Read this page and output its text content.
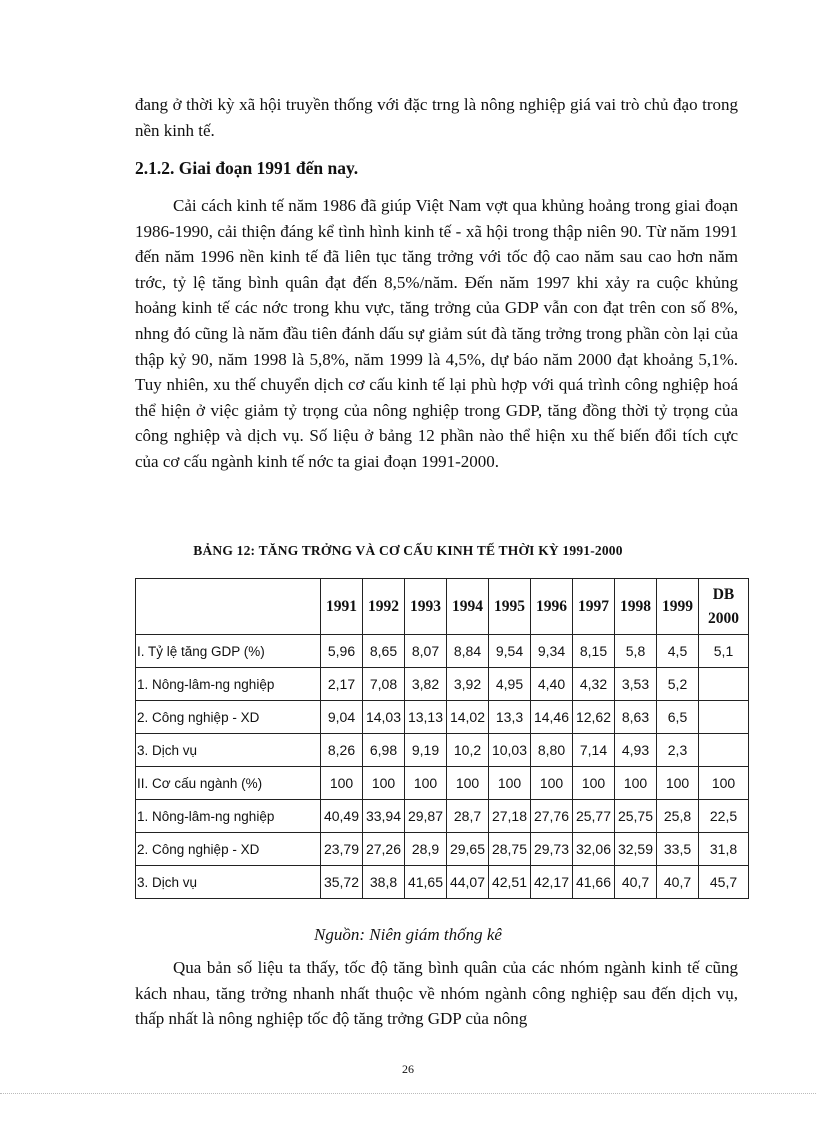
đang ở thời kỳ xã hội truyền thống với đặc trng là nông nghiệp giá vai trò chủ đạo trong nền kinh tế.

2.1.2. Giai đoạn 1991 đến nay.

Cải cách kinh tế năm 1986 đã giúp Việt Nam vợt qua khủng hoảng trong giai đoạn 1986-1990, cải thiện đáng kể tình hình kinh tế - xã hội trong thập niên 90. Từ năm 1991 đến năm 1996 nền kinh tế đã liên tục tăng trởng với tốc độ cao năm sau cao hơn năm trớc, tỷ lệ tăng bình quân đạt đến 8,5%/năm. Đến năm 1997 khi xảy ra cuộc khủng hoảng kinh tế các nớc trong khu vực, tăng trởng của GDP vẫn con đạt trên con số 8%, nhng đó cũng là năm đầu tiên đánh dấu sự giảm sút đà tăng trởng trong phần còn lại của thập kỷ 90, năm 1998 là 5,8%, năm 1999 là 4,5%, dự báo năm 2000 đạt khoảng 5,1%. Tuy nhiên, xu thế chuyển dịch cơ cấu kinh tế lại phù hợp với quá trình công nghiệp hoá thể hiện ở việc giảm tỷ trọng của nông nghiệp trong GDP, tăng đồng thời tỷ trọng của công nghiệp và dịch vụ. Số liệu ở bảng 12 phần nào thể hiện xu thế biến đổi tích cực của cơ cấu ngành kinh tế nớc ta giai đoạn 1991-2000.

BẢNG 12: TĂNG TRỞNG VÀ CƠ CẤU KINH TẾ THỜI KỲ 1991-2000
	1991	1992	1993	1994	1995	1996	1997	1998	1999	DB 2000
I. Tỷ lệ tăng GDP (%)	5,96	8,65	8,07	8,84	9,54	9,34	8,15	5,8	4,5	5,1
1. Nông-lâm-ng nghiệp	2,17	7,08	3,82	3,92	4,95	4,40	4,32	3,53	5,2	
2. Công nghiệp - XD	9,04	14,03	13,13	14,02	13,3	14,46	12,62	8,63	6,5	
3. Dịch vụ	8,26	6,98	9,19	10,2	10,03	8,80	7,14	4,93	2,3	
II. Cơ cấu ngành (%)	100	100	100	100	100	100	100	100	100	100
1. Nông-lâm-ng nghiệp	40,49	33,94	29,87	28,7	27,18	27,76	25,77	25,75	25,8	22,5
2. Công nghiệp - XD	23,79	27,26	28,9	29,65	28,75	29,73	32,06	32,59	33,5	31,8
3. Dịch vụ	35,72	38,8	41,65	44,07	42,51	42,17	41,66	40,7	40,7	45,7
Nguồn: Niên giám thống kê

Qua bản số liệu ta thấy, tốc độ tăng bình quân của các nhóm ngành kinh tế cũng kách nhau, tăng trởng nhanh nhất thuộc về nhóm ngành công nghiệp sau đến dịch vụ, thấp nhất là nông nghiệp tốc độ tăng trởng GDP của nông

26
